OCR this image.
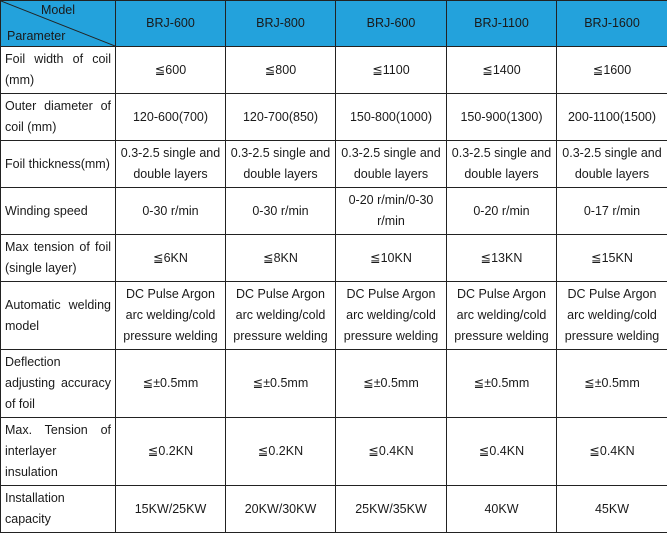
Model
Parameter	BRJ-600	BRJ-800	BRJ-600	BRJ-1100	BRJ-1600
Foil width of coil (mm)	≦600	≦800	≦1100	≦1400	≦1600
Outer diameter of coil (mm)	120-600(700)	120-700(850)	150-800(1000)	150-900(1300)	200-1100(1500)
Foil thickness(mm)	0.3-2.5 single and double layers	0.3-2.5 single and double layers	0.3-2.5 single and double layers	0.3-2.5 single and double layers	0.3-2.5 single and double layers
Winding speed	0-30 r/min	0-30 r/min	0-20 r/min/0-30 r/min	0-20 r/min	0-17 r/min
Max tension of foil (single layer)	≦6KN	≦8KN	≦10KN	≦13KN	≦15KN
Automatic welding model	DC Pulse Argon arc welding/cold pressure welding	DC Pulse Argon arc welding/cold pressure welding	DC Pulse Argon arc welding/cold pressure welding	DC Pulse Argon arc welding/cold pressure welding	DC Pulse Argon arc welding/cold pressure welding
Deflection adjusting accuracy of foil	≦±0.5mm	≦±0.5mm	≦±0.5mm	≦±0.5mm	≦±0.5mm
Max. Tension of interlayer insulation	≦0.2KN	≦0.2KN	≦0.4KN	≦0.4KN	≦0.4KN
Installation capacity	15KW/25KW	20KW/30KW	25KW/35KW	40KW	45KW
